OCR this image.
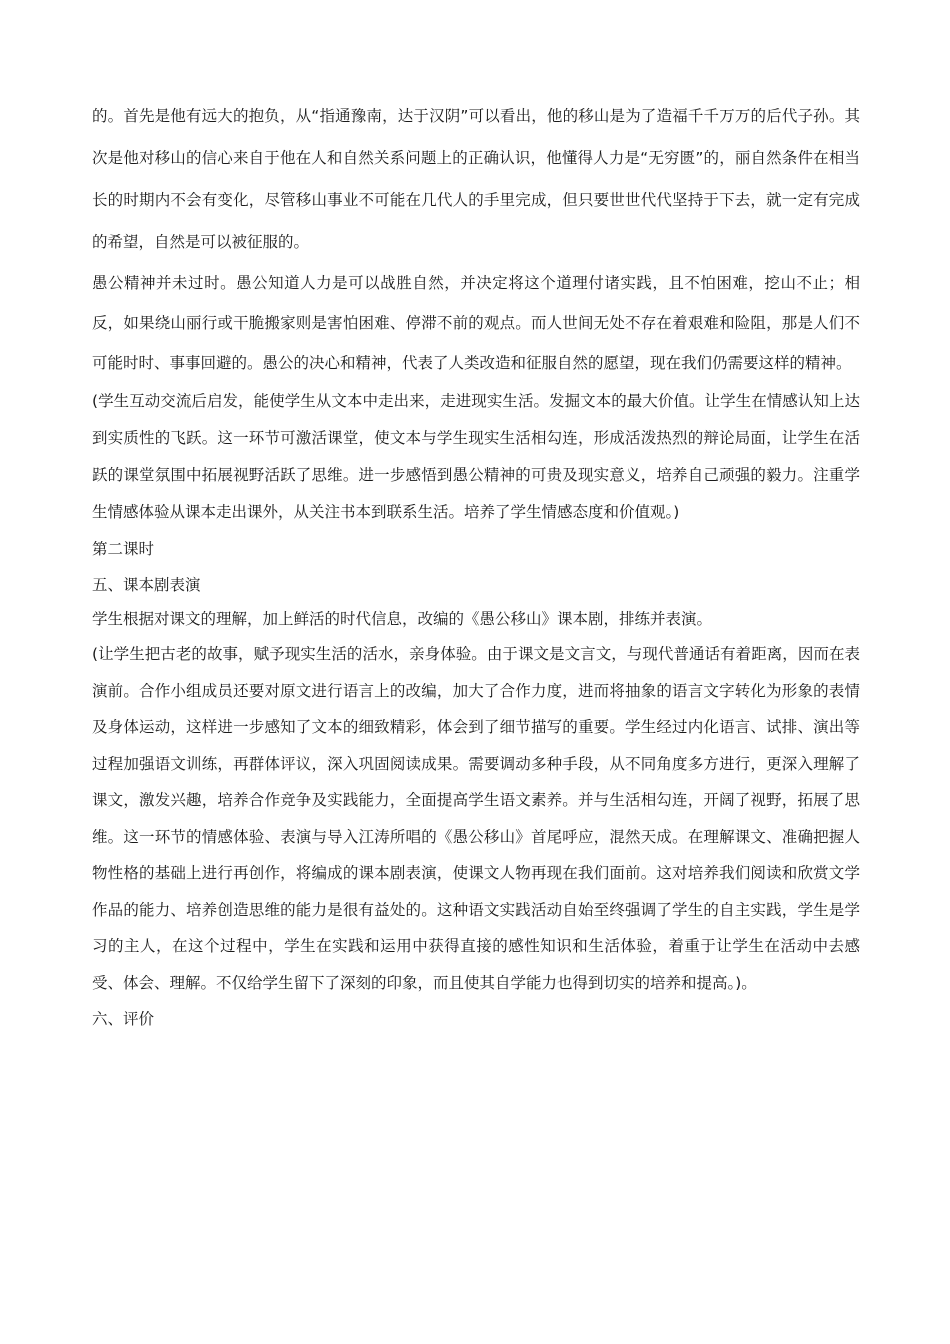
的。首先是他有远大的抱负，从“指通豫南，达于汉阴”可以看出，他的移山是为了造福千千万万的后代子孙。其次是他对移山的信心来自于他在人和自然关系问题上的正确认识，他懂得人力是“无穷匮”的，丽自然条件在相当长的时期内不会有变化，尽管移山事业不可能在几代人的手里完成，但只要世世代代坚持于下去，就一定有完成的希望，自然是可以被征服的。

愚公精神并未过时。愚公知道人力是可以战胜自然，并决定将这个道理付诸实践，且不怕困难，挖山不止；相反，如果绕山丽行或干脆搬家则是害怕困难、停滞不前的观点。而人世间无处不存在着艰难和险阻，那是人们不可能时时、事事回避的。愚公的决心和精神，代表了人类改造和征服自然的愿望，现在我们仍需要这样的精神。

(学生互动交流后启发，能使学生从文本中走出来，走进现实生活。发掘文本的最大价值。让学生在情感认知上达到实质性的飞跃。这一环节可激活课堂，使文本与学生现实生活相勾连，形成活泼热烈的辩论局面，让学生在活跃的课堂氛围中拓展视野活跃了思维。进一步感悟到愚公精神的可贵及现实意义，培养自己顽强的毅力。注重学生情感体验从课本走出课外，从关注书本到联系生活。培养了学生情感态度和价值观。)

第二课时

五、课本剧表演

学生根据对课文的理解，加上鲜活的时代信息，改编的《愚公移山》课本剧，排练并表演。

(让学生把古老的故事，赋予现实生活的活水，亲身体验。由于课文是文言文，与现代普通话有着距离，因而在表演前。合作小组成员还要对原文进行语言上的改编，加大了合作力度，进而将抽象的语言文字转化为形象的表情及身体运动，这样进一步感知了文本的细致精彩，体会到了细节描写的重要。学生经过内化语言、试排、演出等过程加强语文训练，再群体评议，深入巩固阅读成果。需要调动多种手段，从不同角度多方进行，更深入理解了课文，激发兴趣，培养合作竞争及实践能力，全面提高学生语文素养。并与生活相勾连，开阔了视野，拓展了思维。这一环节的情感体验、表演与导入江涛所唱的《愚公移山》首尾呼应，混然天成。在理解课文、准确把握人物性格的基础上进行再创作，将编成的课本剧表演，使课文人物再现在我们面前。这对培养我们阅读和欣赏文学作品的能力、培养创造思维的能力是很有益处的。这种语文实践活动自始至终强调了学生的自主实践，学生是学习的主人，在这个过程中，学生在实践和运用中获得直接的感性知识和生活体验，着重于让学生在活动中去感受、体会、理解。不仅给学生留下了深刻的印象，而且使其自学能力也得到切实的培养和提高。)。

六、评价
